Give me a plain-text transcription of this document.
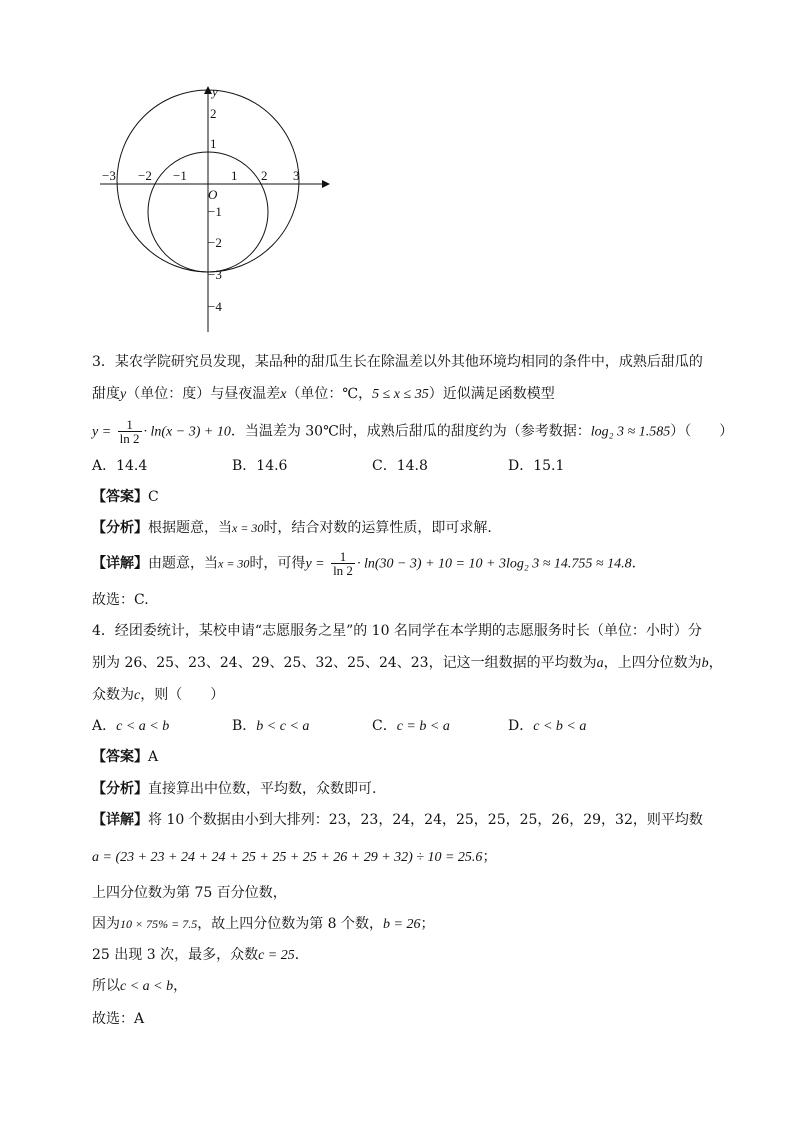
y
O
−3 −2 −1	1 2 3
2
1
−1
−2
−3
−4
3．某农学院研究员发现，某品种的甜瓜生长在除温差以外其他环境均相同的条件中，成熟后甜瓜的
甜度y（单位：度）与昼夜温差x（单位：℃，5 ≤ x ≤ 35）近似满足函数模型
$y = \frac{1}{\ln 2} \cdot \ln(x - 3) + 10$．当温差为 30℃时，成熟后甜瓜的甜度约为（参考数据：log₂ 3 ≈ 1.585）（　　）
A．14.4	B．14.6	C．14.8	D．15.1
【答案】C
【分析】根据题意，当x = 30时，结合对数的运算性质，即可求解.
【详解】由题意，当x = 30时，可得$y = \frac{1}{\ln 2} \cdot \ln(30 - 3) + 10 = 10 + 3\log_2$ 3 ≈ 14.755 ≈ 14.8．
故选：C.
4．经团委统计，某校申请“志愿服务之星”的 10 名同学在本学期的志愿服务时长（单位：小时）分
别为 26、25、23、24、29、25、32、25、24、23，记这一组数据的平均数为a，上四分位数为b，
众数为c，则（　　）
A．c < a < b	B．b < c < a	C．c = b < a	D．c < b < a
【答案】A
【分析】直接算出中位数，平均数，众数即可.
【详解】将 10 个数据由小到大排列：23，23，24，24，25，25，25，26，29，32，则平均数
a = (23 + 23 + 24 + 24 + 25 + 25 + 25 + 26 + 29 + 32) ÷ 10 = 25.6；
上四分位数为第 75 百分位数，
因为10 × 75% = 7.5，故上四分位数为第 8 个数，b = 26；
25 出现 3 次，最多，众数c = 25．
所以c < a < b，
故选：A
